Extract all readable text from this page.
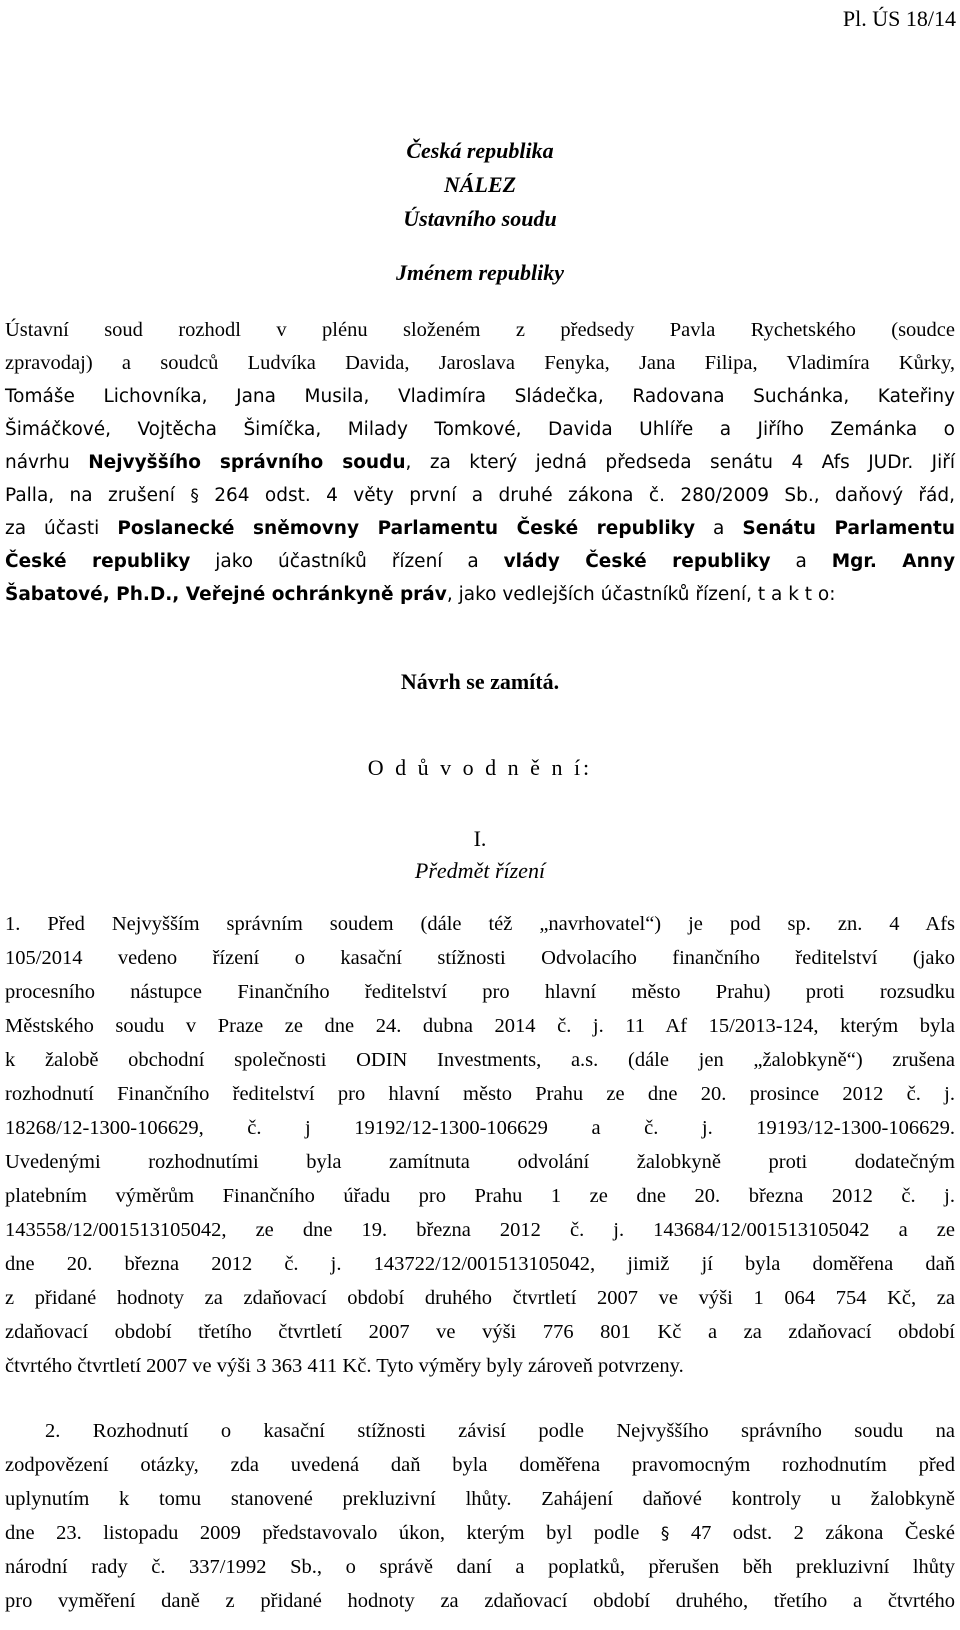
Pl. ÚS 18/14
Česká republika
NÁLEZ
Ústavního soudu
Jménem republiky
Ústavní soud rozhodl v plénu složeném z předsedy Pavla Rychetského (soudce
zpravodaj) a soudců Ludvíka Davida, Jaroslava Fenyka, Jana Filipa, Vladimíra Kůrky,
Tomáše Lichovníka, Jana Musila, Vladimíra Sládečka, Radovana Suchánka, Kateřiny
Šimáčkové, Vojtěcha Šimíčka, Milady Tomkové, Davida Uhlíře a Jiřího Zemánka o
návrhu Nejvyššího správního soudu, za který jedná předseda senátu 4 Afs JUDr. Jiří
Palla, na zrušení § 264 odst. 4 věty první a druhé zákona č. 280/2009 Sb., daňový řád,
za účasti Poslanecké sněmovny Parlamentu České republiky a Senátu Parlamentu
České republiky jako účastníků řízení a vlády České republiky a Mgr. Anny
Šabatové, Ph.D., Veřejné ochránkyně práv, jako vedlejších účastníků řízení, t a k t o:
Návrh se zamítá.
O d ů v o d n ě n í:
I.
Předmět řízení
1. Před Nejvyšším správním soudem (dále též „navrhovatel“) je pod sp. zn. 4 Afs
105/2014 vedeno řízení o kasační stížnosti Odvolacího finančního ředitelství (jako
procesního nástupce Finančního ředitelství pro hlavní město Prahu) proti rozsudku
Městského soudu v Praze ze dne 24. dubna 2014 č. j. 11 Af 15/2013-124, kterým byla
k žalobě obchodní společnosti ODIN Investments, a.s. (dále jen „žalobkyně“) zrušena
rozhodnutí Finančního ředitelství pro hlavní město Prahu ze dne 20. prosince 2012 č. j.
18268/12-1300-106629, č. j 19192/12-1300-106629 a č. j. 19193/12-1300-106629.
Uvedenými rozhodnutími byla zamítnuta odvolání žalobkyně proti dodatečným
platebním výměrům Finančního úřadu pro Prahu 1 ze dne 20. března 2012 č. j.
143558/12/001513105042, ze dne 19. března 2012 č. j. 143684/12/001513105042 a ze
dne 20. března 2012 č. j. 143722/12/001513105042, jimiž jí byla doměřena daň
z přidané hodnoty za zdaňovací období druhého čtvrtletí 2007 ve výši 1 064 754 Kč, za
zdaňovací období třetího čtvrtletí 2007 ve výši 776 801 Kč a za zdaňovací období
čtvrtého čtvrtletí 2007 ve výši 3 363 411 Kč. Tyto výměry byly zároveň potvrzeny.
2. Rozhodnutí o kasační stížnosti závisí podle Nejvyššího správního soudu na
zodpovězení otázky, zda uvedená daň byla doměřena pravomocným rozhodnutím před
uplynutím k tomu stanovené prekluzivní lhůty. Zahájení daňové kontroly u žalobkyně
dne 23. listopadu 2009 představovalo úkon, kterým byl podle § 47 odst. 2 zákona České
národní rady č. 337/1992 Sb., o správě daní a poplatků, přerušen běh prekluzivní lhůty
pro vyměření daně z přidané hodnoty za zdaňovací období druhého, třetího a čtvrtého
